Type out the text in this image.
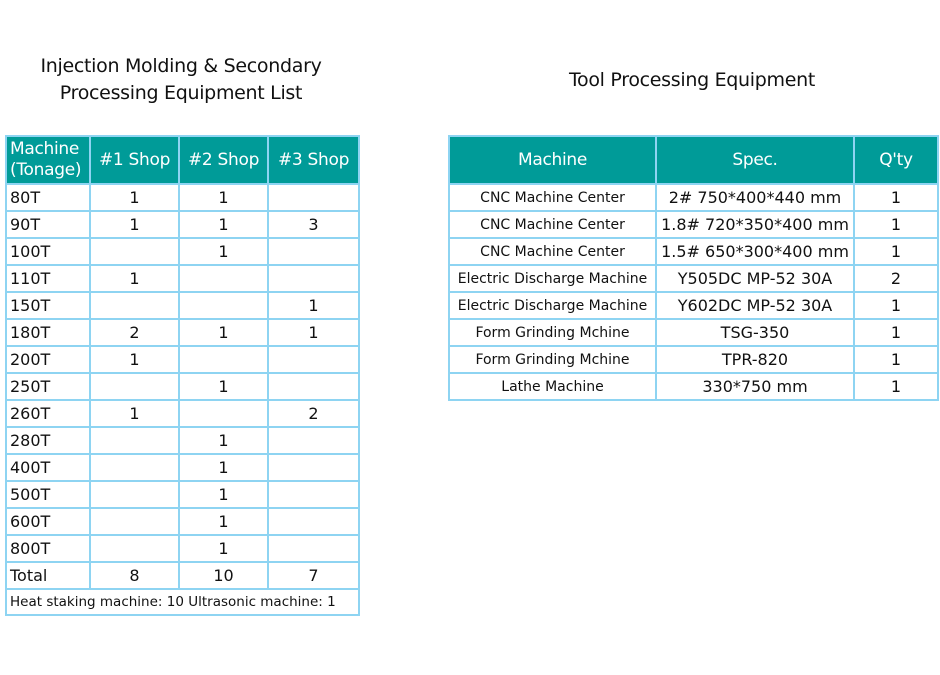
Injection Molding & Secondary
Processing Equipment List
Tool Processing Equipment
Machine (Tonage)	#1 Shop	#2 Shop	#3 Shop
80T	1	1	
90T	1	1	3
100T		1	
110T	1		
150T			1
180T	2	1	1
200T	1		
250T		1	
260T	1		2
280T		1	
400T		1	
500T		1	
600T		1	
800T		1	
Total	8	10	7
Heat staking machine: 10 Ultrasonic machine: 1			
Machine	Spec.	Q'ty
CNC Machine Center	2# 750*400*440 mm	1
CNC Machine Center	1.8# 720*350*400 mm	1
CNC Machine Center	1.5# 650*300*400 mm	1
Electric Discharge Machine	Y505DC MP-52 30A	2
Electric Discharge Machine	Y602DC MP-52 30A	1
Form Grinding Mchine	TSG-350	1
Form Grinding Mchine	TPR-820	1
Lathe Machine	330*750 mm	1
